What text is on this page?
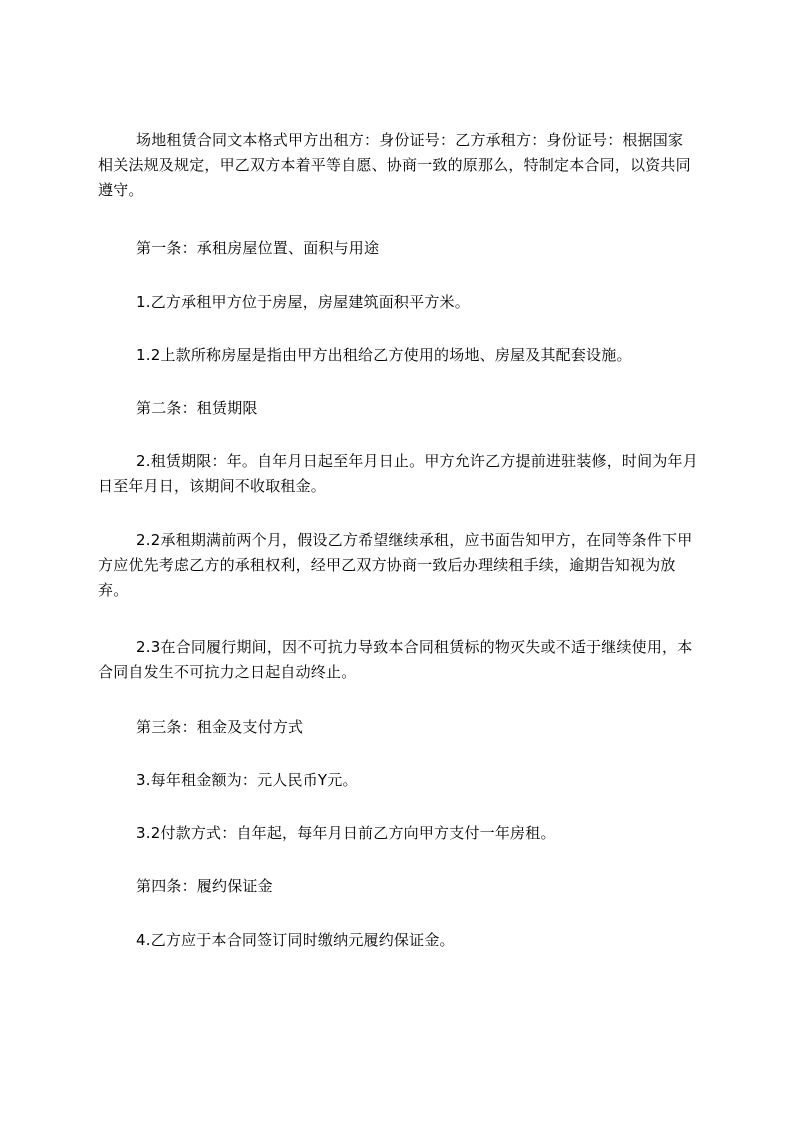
场地租赁合同文本格式甲方出租方：身份证号：乙方承租方：身份证号：根据国家相关法规及规定，甲乙双方本着平等自愿、协商一致的原那么，特制定本合同，以资共同遵守。

第一条：承租房屋位置、面积与用途

1.乙方承租甲方位于房屋，房屋建筑面积平方米。

1.2上款所称房屋是指由甲方出租给乙方使用的场地、房屋及其配套设施。

第二条：租赁期限

2.租赁期限：年。自年月日起至年月日止。甲方允许乙方提前进驻装修，时间为年月日至年月日，该期间不收取租金。

2.2承租期满前两个月，假设乙方希望继续承租，应书面告知甲方，在同等条件下甲方应优先考虑乙方的承租权利，经甲乙双方协商一致后办理续租手续，逾期告知视为放弃。

2.3在合同履行期间，因不可抗力导致本合同租赁标的物灭失或不适于继续使用，本合同自发生不可抗力之日起自动终止。

第三条：租金及支付方式

3.每年租金额为：元人民币Y元。

3.2付款方式：自年起，每年月日前乙方向甲方支付一年房租。

第四条：履约保证金

4.乙方应于本合同签订同时缴纳元履约保证金。
